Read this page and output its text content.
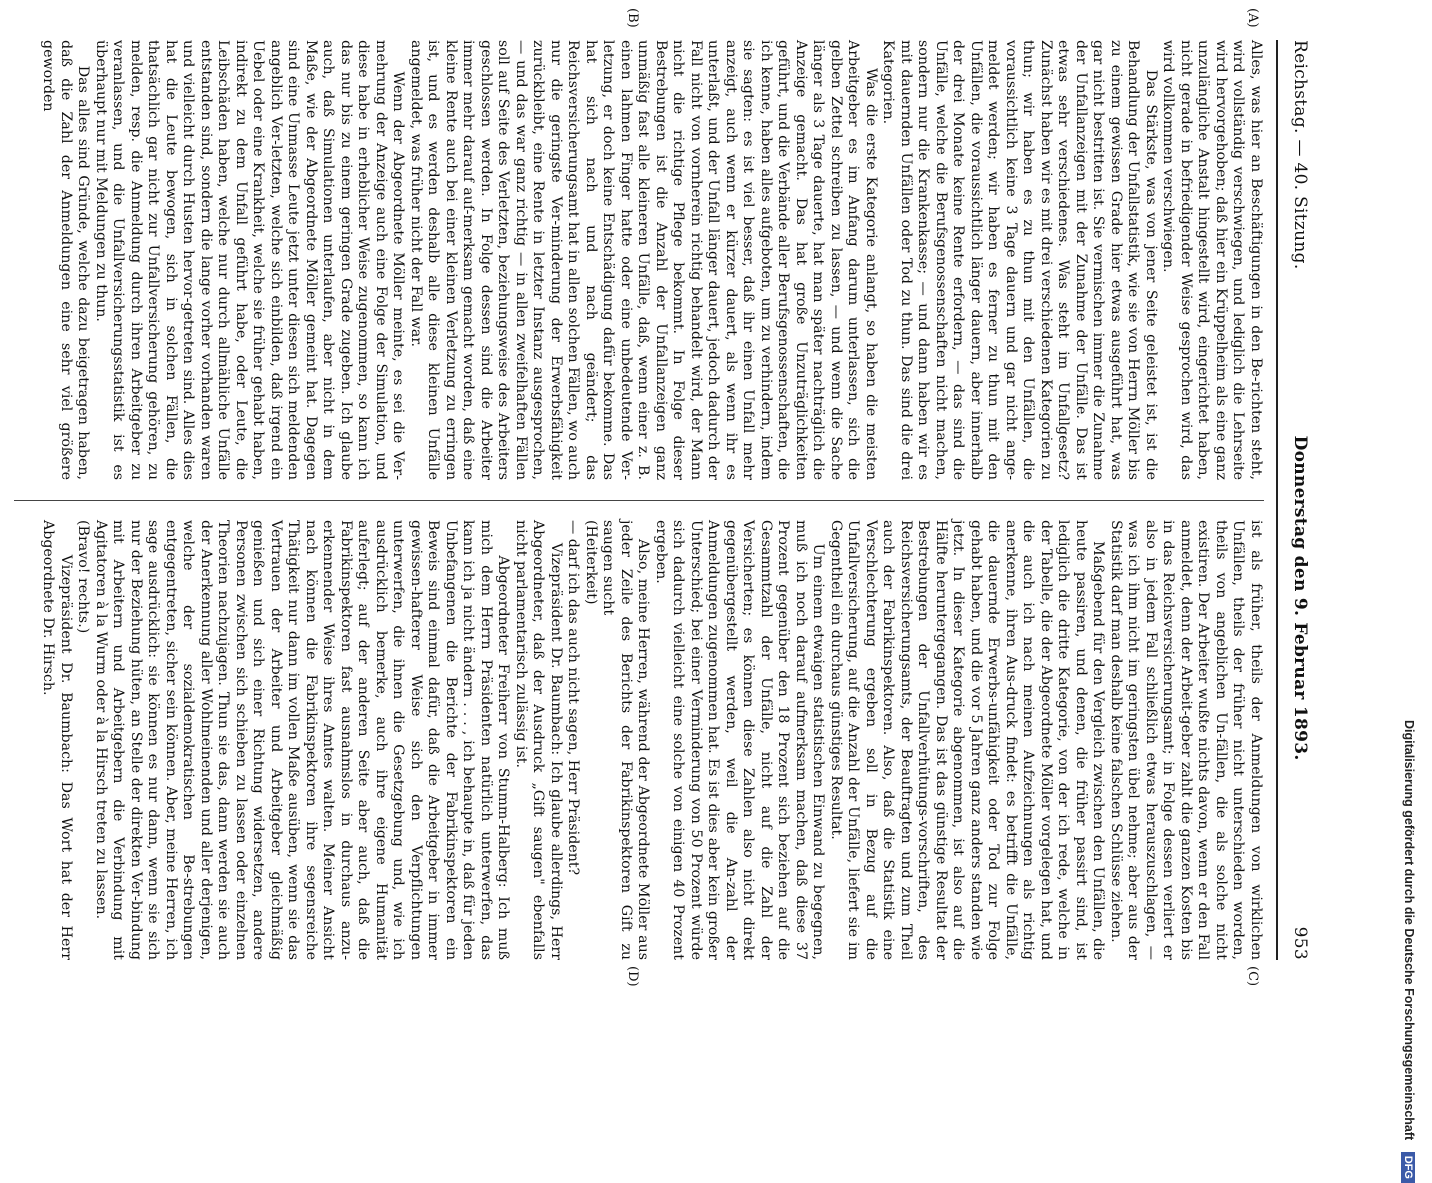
Reichstag. — 40. Sitzung.
Donnerstag den 9. Februar 1893.
953
Alles, was hier an Beschäftigungen in den Be-richten steht, wird vollständig verschwiegen, und lediglich die Lehrseite wird hervorgehoben; daß hier ein Krüppelheim als eine ganz unzulängliche Anstalt hingestellt wird, eingerichtet haben, nicht gerade in befriedigender Weise gesprochen wird, das wird vollkommen verschwiegen.
Das Stärkste, was von jener Seite geleistet ist, ist die Behandlung der Unfallstatistik, wie sie von Herrn Möller bis zu einem gewissen Grade hier etwas ausgeführt hat, was gar nicht bestritten ist. Sie vermischen immer die Zunahme der Unfallanzeigen mit der Zunahme der Unfälle. Das ist etwas sehr verschiedenes. Was steht im Unfallgesetz? Zunächst haben wir es mit drei verschiedenen Kategorien zu thun; wir haben es zu thun mit den Unfällen, die voraussichtlich keine 3 Tage dauern und gar nicht ange-meldet werden; wir haben es ferner zu thun mit den Unfällen, die voraussichtlich länger dauern, aber innerhalb der drei Monate keine Rente erfordern, — das sind die Unfälle, welche die Berufsgenossenschaften nicht machen, sondern nur die Krankenkasse; — und dann haben wir es mit dauernden Unfällen oder Tod zu thun. Das sind die drei Kategorien.
Was die erste Kategorie anlangt, so haben die meisten Arbeitgeber es im Anfang darum unterlassen, sich die gelben Zettel schreiben zu lassen, — und wenn die Sache länger als 3 Tage dauerte, hat man später nachträglich die Anzeige gemacht. Das hat große Unzuträglichkeiten geführt, und die Verbände aller Berufsgenossenschaften, die ich kenne, haben alles aufgeboten, um zu verhindern, indem sie sagten: es ist viel besser, daß ihr einen Unfall mehr anzeigt, auch wenn er kürzer dauert, als wenn ihr es unterlaßt, und der Unfall länger dauert, jedoch dadurch der Fall nicht von vornherein richtig behandelt wird, der Mann nicht die richtige Pflege bekommt. In Folge dieser Bestrebungen ist die Anzahl der Unfallanzeigen ganz unmäßig fast alle kleineren Unfälle, daß, wenn einer z. B. einen lahmen Finger hatte oder eine unbedeutende Ver-letzung, er doch keine Entschädigung dafür bekomme. Das hat sich nach und nach geändert; das Reichsversicherungsamt hat in allen solchen Fällen, wo auch nur die geringste Ver-minderung der Erwerbsfähigkeit zurückbleibt, eine Rente in letzter Instanz ausgesprochen, — und das war ganz richtig — in allen zweifelhaften Fällen soll auf Seite des Verletzten, beziehungsweise des Arbeiters geschlossen werden. In Folge dessen sind die Arbeiter immer mehr darauf auf-merksam gemacht worden, daß eine kleine Rente auch bei einer kleinen Verletzung zu erringen ist, und es werden deshalb alle diese kleinen Unfälle angemeldet, was früher nicht der Fall war.
Wenn der Abgeordnete Möller meinte, es sei die Ver-mehrung der Anzeige auch eine Folge der Simulation, und diese habe in erheblicher Weise zugenommen, so kann ich das nur bis zu einem geringen Grade zugeben. Ich glaube auch, daß Simulationen unterlaufen, aber nicht in dem Maße, wie der Abgeordnete Möller gemeint hat. Dagegen sind eine Unmasse Leute jetzt unter diesen sich meldenden angeblich Ver-letzten, welche sich einbilden, daß irgend ein Uebel oder eine Krankheit, welche sie früher gehabt haben, indirekt zu dem Unfall geführt habe, oder Leute, die Leibschäden haben, welche nur durch allmähliche Unfälle entstanden sind, sondern die lange vorher vorhanden waren und vielleicht durch Husten hervor-getreten sind. Alles dies hat die Leute bewogen, sich in solchen Fällen, die thatsächlich gar nicht zur Unfallversicherung gehören, zu melden, resp. die Anmeldung durch ihren Arbeitgeber zu veranlassen, und die Unfallversicherungsstatistik ist es überhaupt nur mit Meldungen zu thun.
Das alles sind Gründe, welche dazu beigetragen haben, daß die Zahl der Anmeldungen eine sehr viel größere geworden
ist als früher, theils der Anmeldungen von wirklichen Unfällen, theils der früher nicht unterschieden worden, theils von angeblichen Un-fällen, die als solche nicht existiren. Der Arbeiter wußte nichts davon, wenn er den Fall anmeldet, denn der Arbeit-geber zahlt die ganzen Kosten bis in das Reichsversicherungsamt; in Folge dessen verliert er also in jedem Fall schließlich etwas herauszuschlagen, — was ich ihm nicht im geringsten übel nehme; aber aus der Statistik darf man deshalb keine falschen Schlüsse ziehen.
Maßgebend für den Vergleich zwischen den Unfällen, die heute passiren, und denen, die früher passirt sind, ist lediglich die dritte Kategorie, von der ich rede, welche in der Tabelle, die der Abgeordnete Möller vorgelegen hat, und die auch ich nach meinen Aufzeichnungen als richtig anerkenne, ihren Aus-druck findet: es betrifft die Unfälle, die dauernde Erwerbs-unfähigkeit oder Tod zur Folge gehabt haben, und die vor 5 Jahren ganz anders standen wie jetzt. In dieser Kategorie abgenommen, ist also auf die Hälfte heruntergegangen. Das ist das günstige Resultat der Bestrebungen der Unfallverhütungs-vorschriften, des Reichsversicherungsamts, der Beauftragten und zum Theil auch der Fabrikinspektoren. Also, daß die Statistik eine Verschlechterung ergeben soll in Bezug auf die Unfallversicherung, auf die Anzahl der Unfälle, liefert sie im Gegentheil ein durchaus günstiges Resultat.
Um einem etwaigen statistischen Einwand zu begegnen, muß ich noch darauf aufmerksam machen, daß diese 37 Prozent gegenüber den 18 Prozent sich beziehen auf die Gesammtzahl der Unfälle, nicht auf die Zahl der Versicherten; es können diese Zahlen also nicht direkt gegenübergestellt werden, weil die An-zahl der Anmeldungen zugenommen hat. Es ist dies aber kein großer Unterschied; bei einer Verminderung von 50 Prozent würde sich dadurch vielleicht eine solche von einigen 40 Prozent ergeben.
Also, meine Herren, während der Abgeordnete Möller aus jeder Zeile des Berichts der Fabrikinspektoren Gift zu saugen sucht
(Heiterkeit)
— darf ich das auch nicht sagen, Herr Präsident?
Vizepräsident Dr. Baumbach: Ich glaube allerdings, Herr Abgeordneter, daß der Ausdruck „Gift saugen" ebenfalls nicht parlamentarisch zulässig ist.
Abgeordneter Freiherr von Stumm-Halberg: Ich muß mich dem Herrn Präsidenten natürlich unterwerfen, das kann ich ja nicht ändern . . . , ich behaupte in, daß für jeden Unbefangenen die Berichte der Fabrikinspektoren ein Beweis sind einmal dafür, daß die Arbeitgeber in immer gewissen-hafterer Weise sich den Verpflichtungen unterwerfen, die ihnen die Gesetzgebung und, wie ich ausdrücklich bemerke, auch ihre eigene Humanität auferlegt; auf der anderen Seite aber auch, daß die Fabrikinspektoren fast ausnahmslos in durchaus anzu-erkennender Weise ihres Amtes walten. Meiner Ansicht nach können die Fabrikinspektoren ihre segensreiche Thätigkeit nur dann im vollen Maße ausüben, wenn sie das Vertrauen der Arbeiter und Arbeitgeber gleichmäßig genießen und sich einer Richtung widersetzen, andere Personen zwischen sich schieben zu lassen oder einzelnen Theorien nachzujagen. Thun sie das, dann werden sie auch der Anerkennung aller Wohlmeinenden und aller derjenigen, welche der sozialdemokratischen Be-strebungen entgegentreten, sicher sein können. Aber, meine Herren, ich sage ausdrücklich: sie können es nur dann, wenn sie sich nur der Beziehung hüten, an Stelle der direkten Ver-bindung mit Arbeitern und Arbeitgebern die Verbindung mit Agitatoren à la Wurm oder à la Hirsch treten zu lassen.
(Bravo! rechts.)
Vizepräsident Dr. Baumbach: Das Wort hat der Herr Abgeordnete Dr. Hirsch.
(A)
(B)
(C)
(D)	Digitalisierung gefördert durch die Deutsche Forschungsgemeinschaft DFG
